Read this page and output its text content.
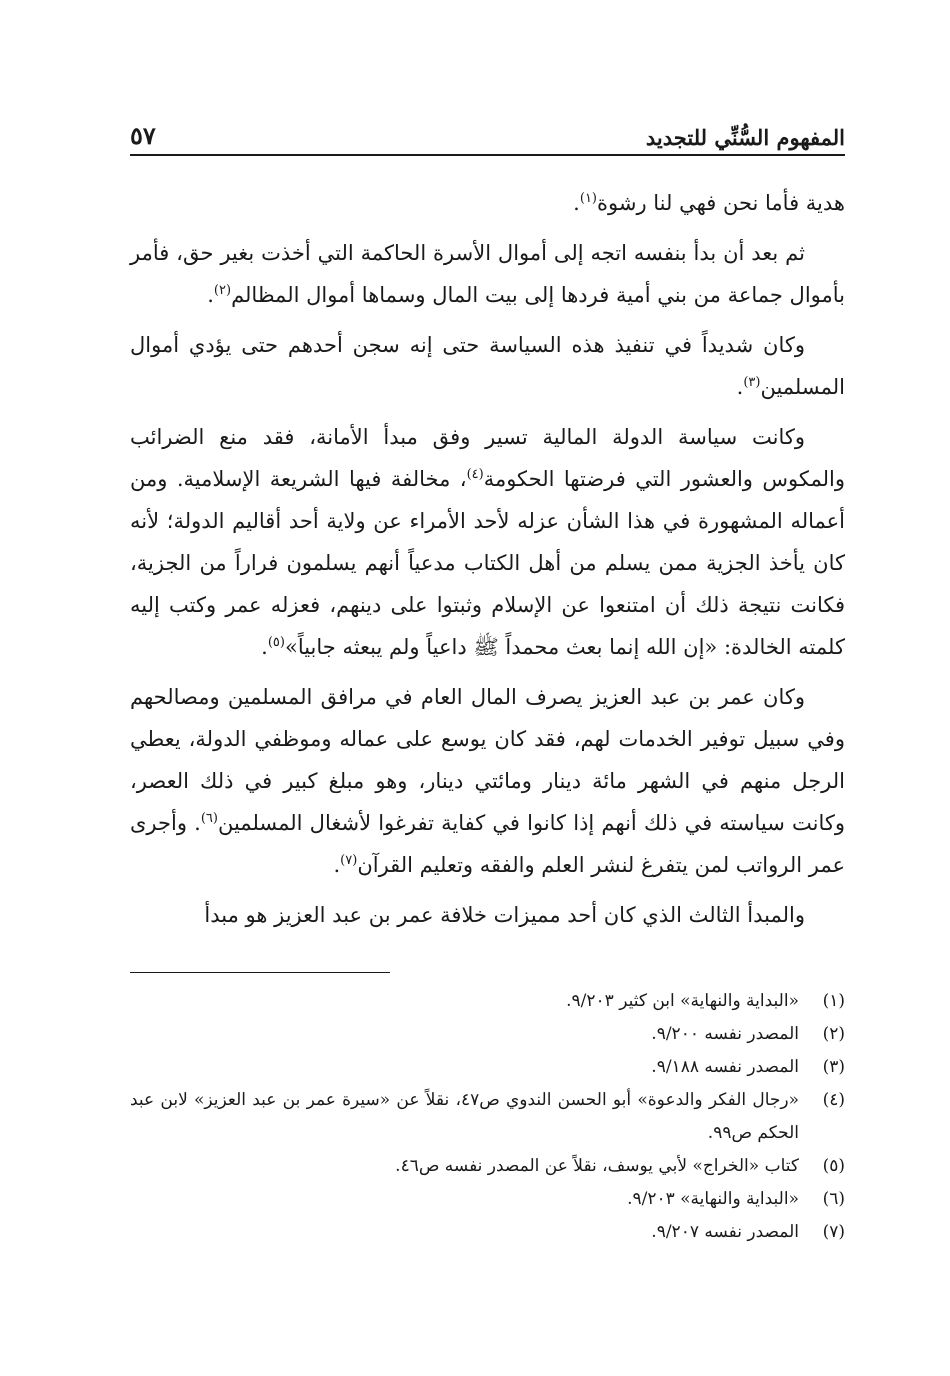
المفهوم السُّنِّي للتجديد
٥٧

هدية فأما نحن فهي لنا رشوة$^{(١)}$.

ثم بعد أن بدأ بنفسه اتجه إلى أموال الأسرة الحاكمة التي أخذت بغير حق، فأمر بأموال جماعة من بني أمية فردها إلى بيت المال وسماها أموال المظالم$^{(٢)}$.

وكان شديداً في تنفيذ هذه السياسة حتى إنه سجن أحدهم حتى يؤدي أموال المسلمين$^{(٣)}$.

وكانت سياسة الدولة المالية تسير وفق مبدأ الأمانة، فقد منع الضرائب والمكوس والعشور التي فرضتها الحكومة$^{(٤)}$، مخالفة فيها الشريعة الإسلامية. ومن أعماله المشهورة في هذا الشأن عزله لأحد الأمراء عن ولاية أحد أقاليم الدولة؛ لأنه كان يأخذ الجزية ممن يسلم من أهل الكتاب مدعياً أنهم يسلمون فراراً من الجزية، فكانت نتيجة ذلك أن امتنعوا عن الإسلام وثبتوا على دينهم، فعزله عمر وكتب إليه كلمته الخالدة: «إن الله إنما بعث محمداً ﷺ داعياً ولم يبعثه جابياً»$^{(٥)}$.

وكان عمر بن عبد العزيز يصرف المال العام في مرافق المسلمين ومصالحهم وفي سبيل توفير الخدمات لهم، فقد كان يوسع على عماله وموظفي الدولة، يعطي الرجل منهم في الشهر مائة دينار ومائتي دينار، وهو مبلغ كبير في ذلك العصر، وكانت سياسته في ذلك أنهم إذا كانوا في كفاية تفرغوا لأشغال المسلمين$^{(٦)}$. وأجرى عمر الرواتب لمن يتفرغ لنشر العلم والفقه وتعليم القرآن$^{(٧)}$.

والمبدأ الثالث الذي كان أحد مميزات خلافة عمر بن عبد العزيز هو مبدأ

(١)
«البداية والنهاية» ابن كثير ٩/٢٠٣.
(٢)
المصدر نفسه ٩/٢٠٠.
(٣)
المصدر نفسه ٩/١٨٨.
(٤)
«رجال الفكر والدعوة» أبو الحسن الندوي ص٤٧، نقلاً عن «سيرة عمر بن عبد العزيز» لابن عبد الحكم ص٩٩.
(٥)
كتاب «الخراج» لأبي يوسف، نقلاً عن المصدر نفسه ص٤٦.
(٦)
«البداية والنهاية» ٩/٢٠٣.
(٧)
المصدر نفسه ٩/٢٠٧.
